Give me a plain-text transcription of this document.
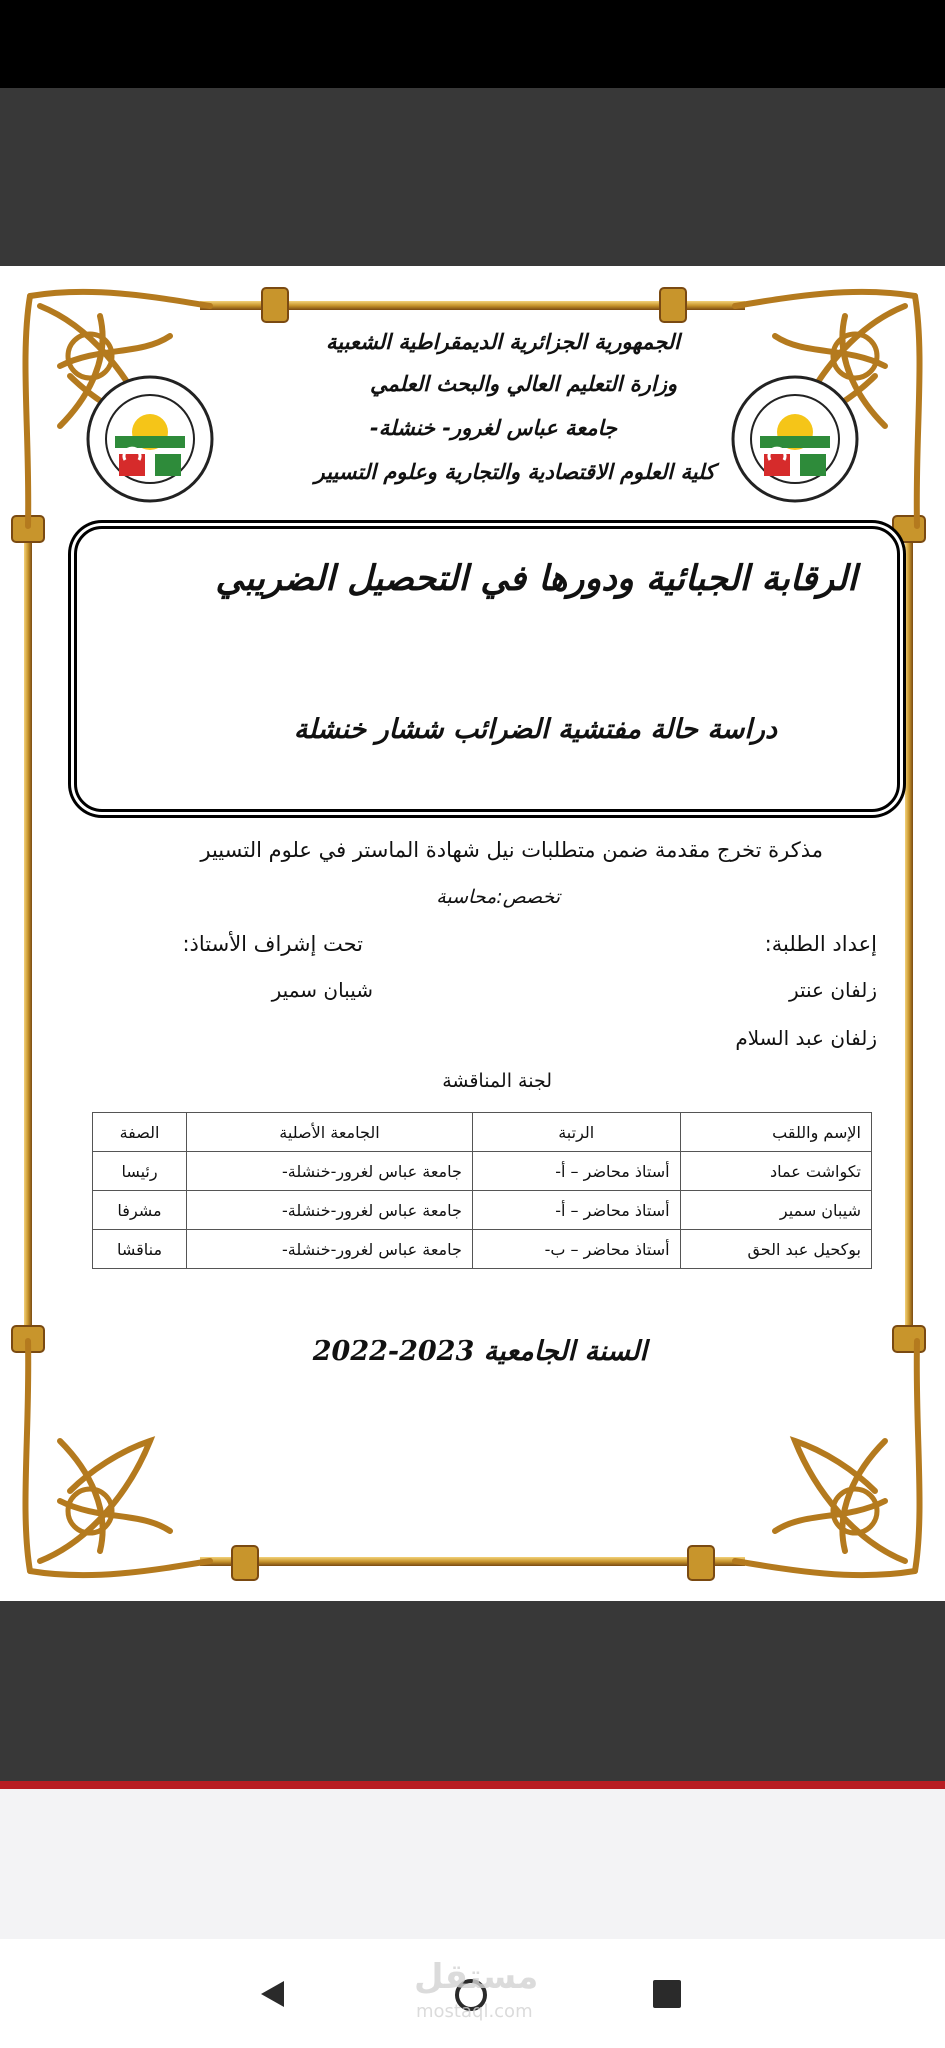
الجمهورية الجزائرية الديمقراطية الشعبية
وزارة التعليم العالي والبحث العلمي
جامعة عباس لغرور- خنشلة-
كلية العلوم الاقتصادية والتجارية وعلوم التسيير
الرقابة الجبائية ودورها في التحصيل الضريبي
دراسة حالة مفتشية الضرائب ششار خنشلة
مذكرة تخرج مقدمة ضمن متطلبات نيل شهادة الماستر في علوم التسيير
تخصص:محاسبة
إعداد الطلبة:
زلفان عنتر
زلفان عبد السلام
تحت إشراف الأستاذ:
شيبان سمير
لجنة المناقشة
الإسم واللقب	الرتبة	الجامعة الأصلية	الصفة
تكواشت عماد	أستاذ محاضر – أ-	جامعة عباس لغرور-خنشلة-	رئيسا
شيبان سمير	أستاذ محاضر – أ-	جامعة عباس لغرور-خنشلة-	مشرفا
بوكحيل عبد الحق	أستاذ محاضر – ب-	جامعة عباس لغرور-خنشلة-	مناقشا
السنة الجامعية 2022-2023
مستقل
mostaql.com
